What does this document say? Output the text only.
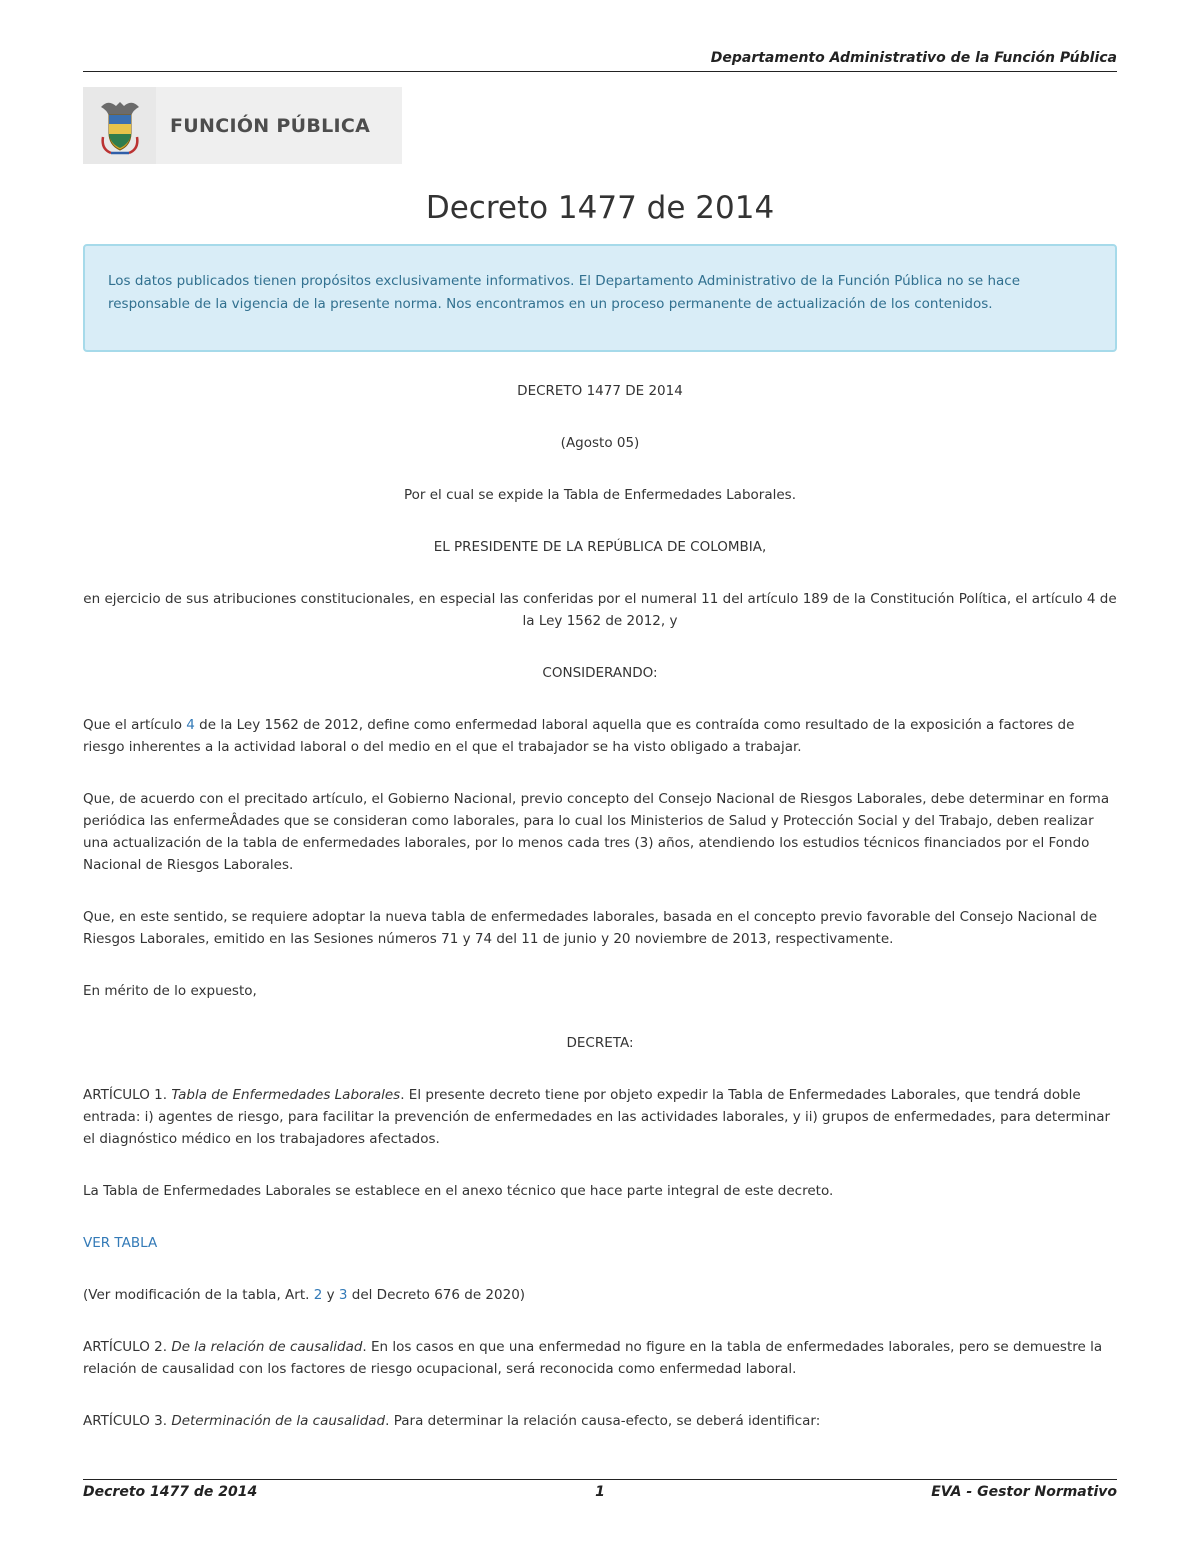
Departamento Administrativo de la Función Pública
FUNCIÓN PÚBLICA
Decreto 1477 de 2014
Los datos publicados tienen propósitos exclusivamente informativos. El Departamento Administrativo de la Función Pública no se hace responsable de la vigencia de la presente norma. Nos encontramos en un proceso permanente de actualización de los contenidos.

DECRETO 1477 DE 2014

(Agosto 05)

Por el cual se expide la Tabla de Enfermedades Laborales.

EL PRESIDENTE DE LA REPÚBLICA DE COLOMBIA,

en ejercicio de sus atribuciones constitucionales, en especial las conferidas por el numeral 11 del artículo 189 de la Constitución Política, el artículo 4 de la Ley 1562 de 2012, y

CONSIDERANDO:

Que el artículo 4 de la Ley 1562 de 2012, define como enfermedad laboral aquella que es contraída como resultado de la exposición a factores de riesgo inherentes a la actividad laboral o del medio en el que el trabajador se ha visto obligado a trabajar.

Que, de acuerdo con el precitado artículo, el Gobierno Nacional, previo concepto del Consejo Nacional de Riesgos Laborales, debe determinar en forma periódica las enfermeÂdades que se consideran como laborales, para lo cual los Ministerios de Salud y Protección Social y del Trabajo, deben realizar una actualización de la tabla de enfermedades laborales, por lo menos cada tres (3) años, atendiendo los estudios técnicos financiados por el Fondo Nacional de Riesgos Laborales.

Que, en este sentido, se requiere adoptar la nueva tabla de enfermedades laborales, basada en el concepto previo favorable del Consejo Nacional de Riesgos Laborales, emitido en las Sesiones números 71 y 74 del 11 de junio y 20 noviembre de 2013, respectivamente.

En mérito de lo expuesto,

DECRETA:

ARTÍCULO 1. Tabla de Enfermedades Laborales. El presente decreto tiene por objeto expedir la Tabla de Enfermedades Laborales, que tendrá doble entrada: i) agentes de riesgo, para facilitar la prevención de enfermedades en las actividades laborales, y ii) grupos de enfermedades, para determinar el diagnóstico médico en los trabajadores afectados.

La Tabla de Enfermedades Laborales se establece en el anexo técnico que hace parte integral de este decreto.

VER TABLA

(Ver modificación de la tabla, Art. 2 y 3 del Decreto 676 de 2020)

ARTÍCULO 2. De la relación de causalidad. En los casos en que una enfermedad no figure en la tabla de enfermedades laborales, pero se demuestre la relación de causalidad con los factores de riesgo ocupacional, será reconocida como enfermedad laboral.

ARTÍCULO 3. Determinación de la causalidad. Para determinar la relación causa-efecto, se deberá identificar:

Decreto 1477 de 2014	1	EVA - Gestor Normativo
